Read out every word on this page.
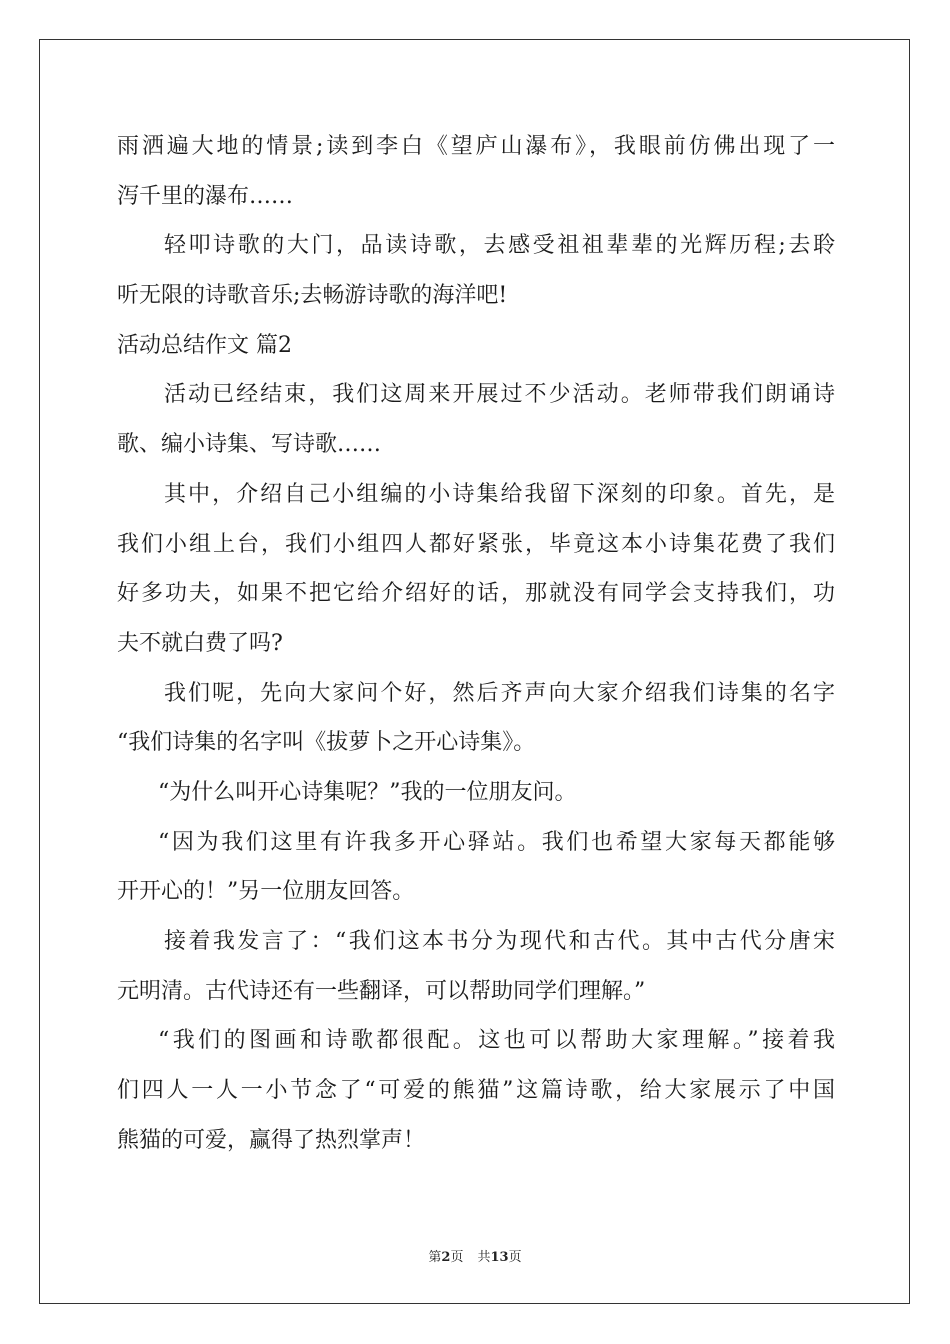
雨洒遍大地的情景;读到李白《望庐山瀑布》，我眼前仿佛出现了一
泻千里的瀑布……
轻叩诗歌的大门，品读诗歌，去感受祖祖辈辈的光辉历程;去聆
听无限的诗歌音乐;去畅游诗歌的海洋吧!
活动总结作文 篇2
活动已经结束，我们这周来开展过不少活动。老师带我们朗诵诗
歌、编小诗集、写诗歌……
其中，介绍自己小组编的小诗集给我留下深刻的印象。首先，是
我们小组上台，我们小组四人都好紧张，毕竟这本小诗集花费了我们
好多功夫，如果不把它给介绍好的话，那就没有同学会支持我们，功
夫不就白费了吗?
我们呢，先向大家问个好，然后齐声向大家介绍我们诗集的名字
“我们诗集的名字叫《拔萝卜之开心诗集》。
“为什么叫开心诗集呢？”我的一位朋友问。
“因为我们这里有许我多开心驿站。我们也希望大家每天都能够
开开心的！”另一位朋友回答。
接着我发言了：“我们这本书分为现代和古代。其中古代分唐宋
元明清。古代诗还有一些翻译，可以帮助同学们理解。”
“我们的图画和诗歌都很配。这也可以帮助大家理解。”接着我
们四人一人一小节念了“可爱的熊猫”这篇诗歌，给大家展示了中国
熊猫的可爱，赢得了热烈掌声！
第2页 共13页
